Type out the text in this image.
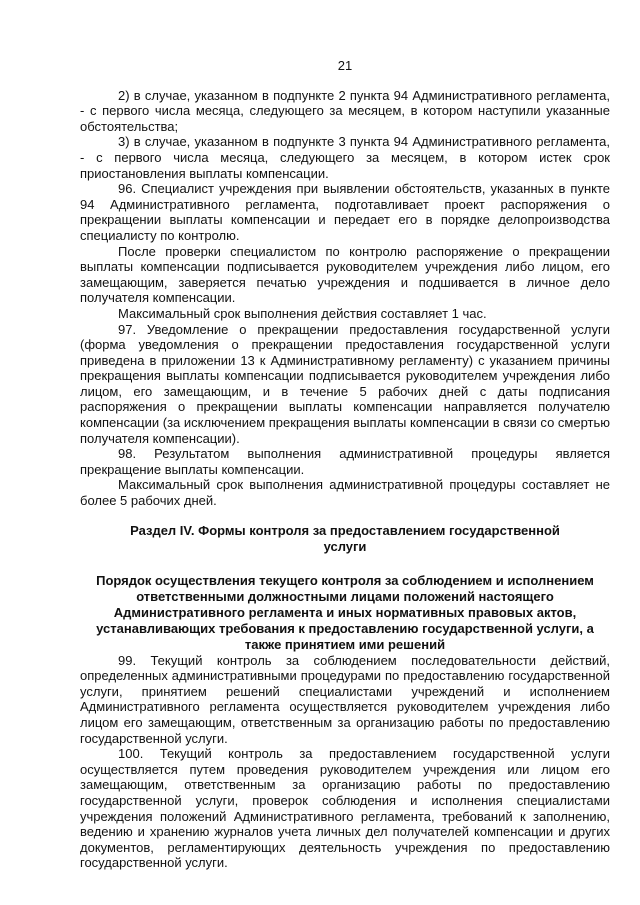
21

2) в случае, указанном в подпункте 2 пункта 94 Административного регламента, - с первого числа месяца, следующего за месяцем, в котором наступили указанные обстоятельства;

3) в случае, указанном в подпункте 3 пункта 94 Административного регламента, - с первого числа месяца, следующего за месяцем, в котором истек срок приостановления выплаты компенсации.

96. Специалист учреждения при выявлении обстоятельств, указанных в пункте 94 Административного регламента, подготавливает проект распоряжения о прекращении выплаты компенсации и передает его в порядке делопроизводства специалисту по контролю.

После проверки специалистом по контролю распоряжение о прекращении выплаты компенсации подписывается руководителем учреждения либо лицом, его замещающим, заверяется печатью учреждения и подшивается в личное дело получателя компенсации.

Максимальный срок выполнения действия составляет 1 час.

97. Уведомление о прекращении предоставления государственной услуги (форма уведомления о прекращении предоставления государственной услуги приведена в приложении 13 к Административному регламенту) с указанием причины прекращения выплаты компенсации подписывается руководителем учреждения либо лицом, его замещающим, и в течение 5 рабочих дней с даты подписания распоряжения о прекращении выплаты компенсации направляется получателю компенсации (за исключением прекращения выплаты компенсации в связи со смертью получателя компенсации).

98. Результатом выполнения административной процедуры является прекращение выплаты компенсации.

Максимальный срок выполнения административной процедуры составляет не более 5 рабочих дней.

Раздел IV. Формы контроля за предоставлением государственной услуги
Порядок осуществления текущего контроля за соблюдением и исполнением ответственными должностными лицами положений настоящего Административного регламента и иных нормативных правовых актов, устанавливающих требования к предоставлению государственной услуги, а также принятием ими решений

99. Текущий контроль за соблюдением последовательности действий, определенных административными процедурами по предоставлению государственной услуги, принятием решений специалистами учреждений и исполнением Административного регламента осуществляется руководителем учреждения либо лицом его замещающим, ответственным за организацию работы по предоставлению государственной услуги.

100. Текущий контроль за предоставлением государственной услуги осуществляется путем проведения руководителем учреждения или лицом его замещающим, ответственным за организацию работы по предоставлению государственной услуги, проверок соблюдения и исполнения специалистами учреждения положений Административного регламента, требований к заполнению, ведению и хранению журналов учета личных дел получателей компенсации и других документов, регламентирующих деятельность учреждения по предоставлению государственной услуги.
